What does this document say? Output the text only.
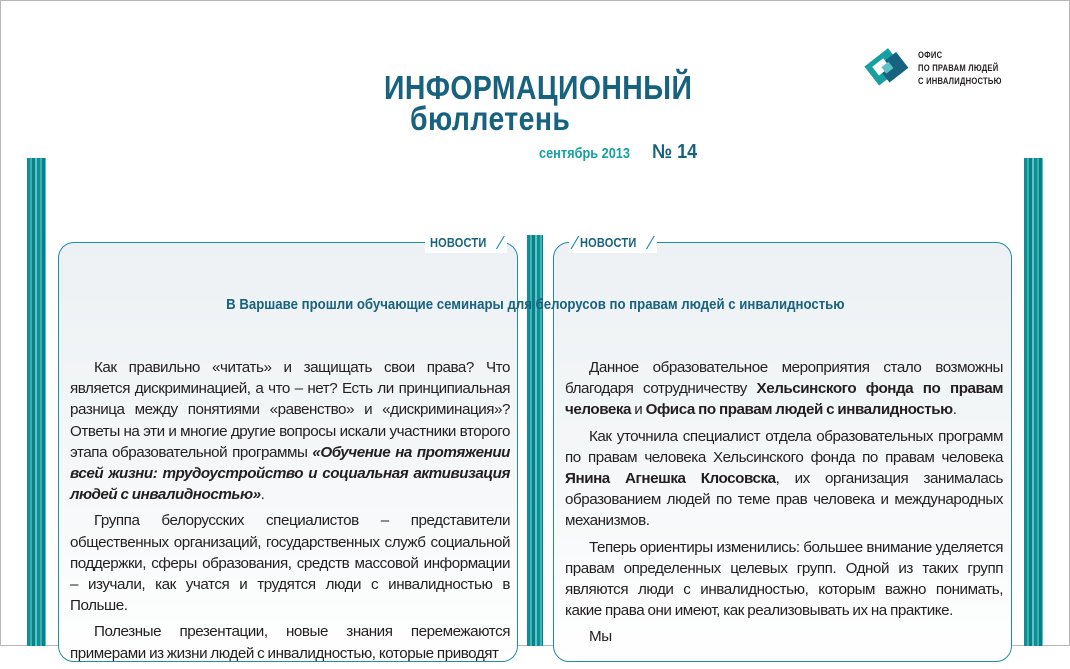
ИНФОРМАЦИОННЫЙ
бюллетень
сентябрь 2013 № 14
ОФИС
ПО ПРАВАМ ЛЮДЕЙ
С ИНВАЛИДНОСТЬЮ
НОВОСТИ ⁄	⁄ НОВОСТИ ⁄
В Варшаве прошли обучающие семинары для белорусов по правам людей с инвалидностью

Как правильно «читать» и защищать свои права? Что является дискриминацией, а что – нет? Есть ли принципиальная разница между понятиями «равенство» и «дискриминация»? Ответы на эти и многие другие вопросы искали участники второго этапа образовательной программы «Обучение на протяжении всей жизни: трудоустройство и социальная активизация людей с инвалидностью».

Группа белорусских специалистов – представители общественных организаций, государственных служб социальной поддержки, сферы образования, средств массовой информации – изучали, как учатся и трудятся люди с инвалидностью в Польше.

Полезные презентации, новые знания перемежаются примерами из жизни людей с инвалидностью, которые приводят

Данное образовательное мероприятия стало возможны благодаря сотрудничеству Хельсинского фонда по правам человека и Офиса по правам людей с инвалидностью.

Как уточнила специалист отдела образовательных программ по правам человека Хельсинского фонда по правам человека Янина Агнешка Клосовска, их организация занималась образованием людей по теме прав человека и международных механизмов.

Теперь ориентиры изменились: большее внимание уделяется правам определенных целевых групп. Одной из таких групп являются люди с инвалидностью, которым важно понимать, какие права они имеют, как реализовывать их на практике.

Мы
